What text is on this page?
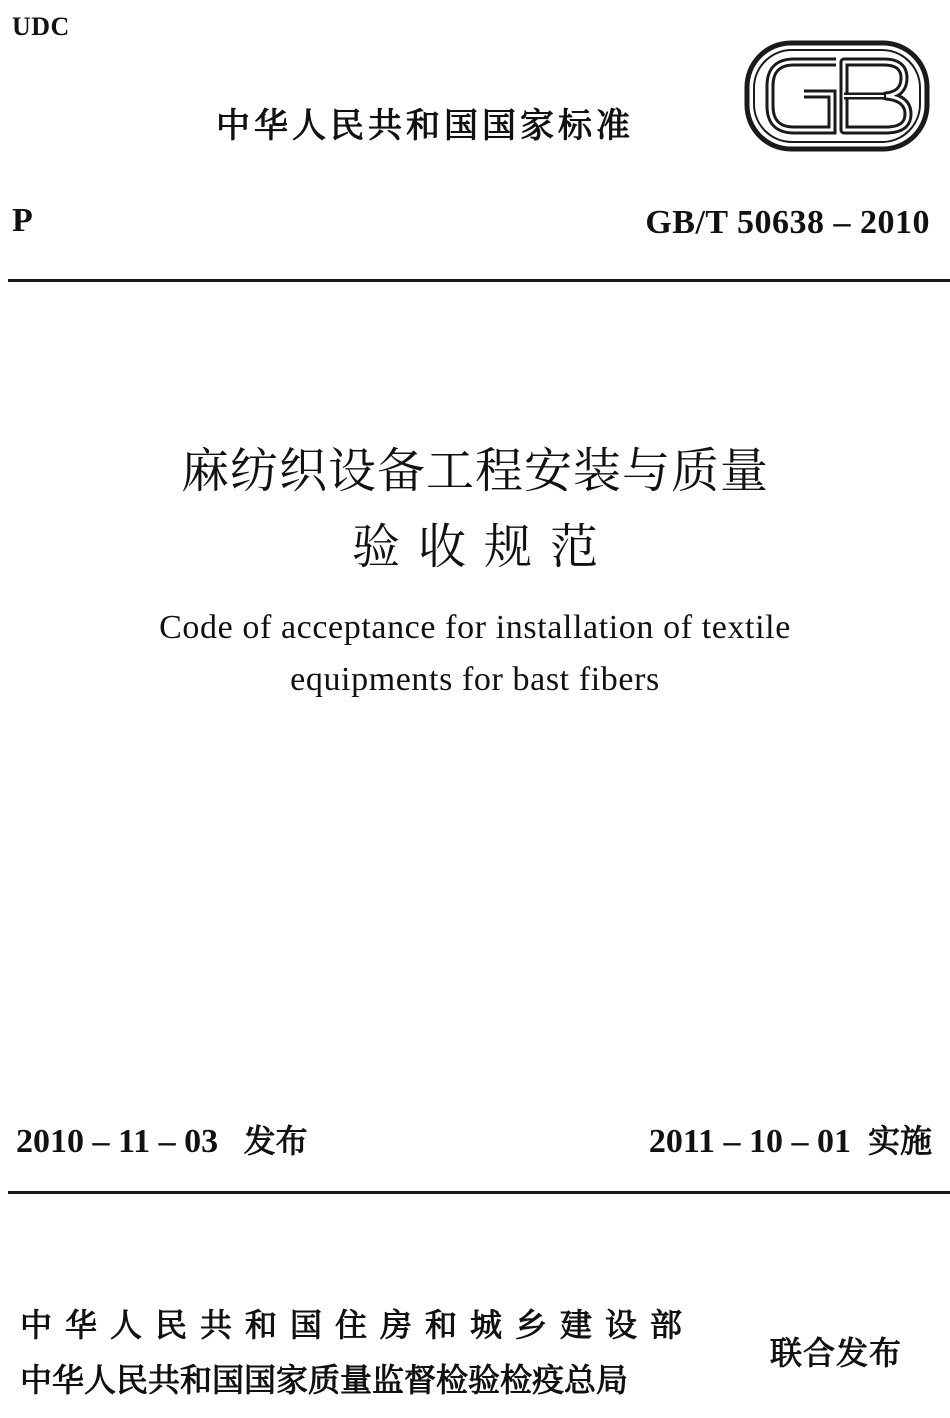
UDC
中华人民共和国国家标准
P	GB/T 50638 – 2010
麻纺织设备工程安装与质量
验收规范
Code of acceptance for installation of textile
equipments for bast fibers
2010 – 11 – 03 发布	2011 – 10 – 01 实施
中华人民共和国住房和城乡建设部
中华人民共和国国家质量监督检验检疫总局
联合发布
